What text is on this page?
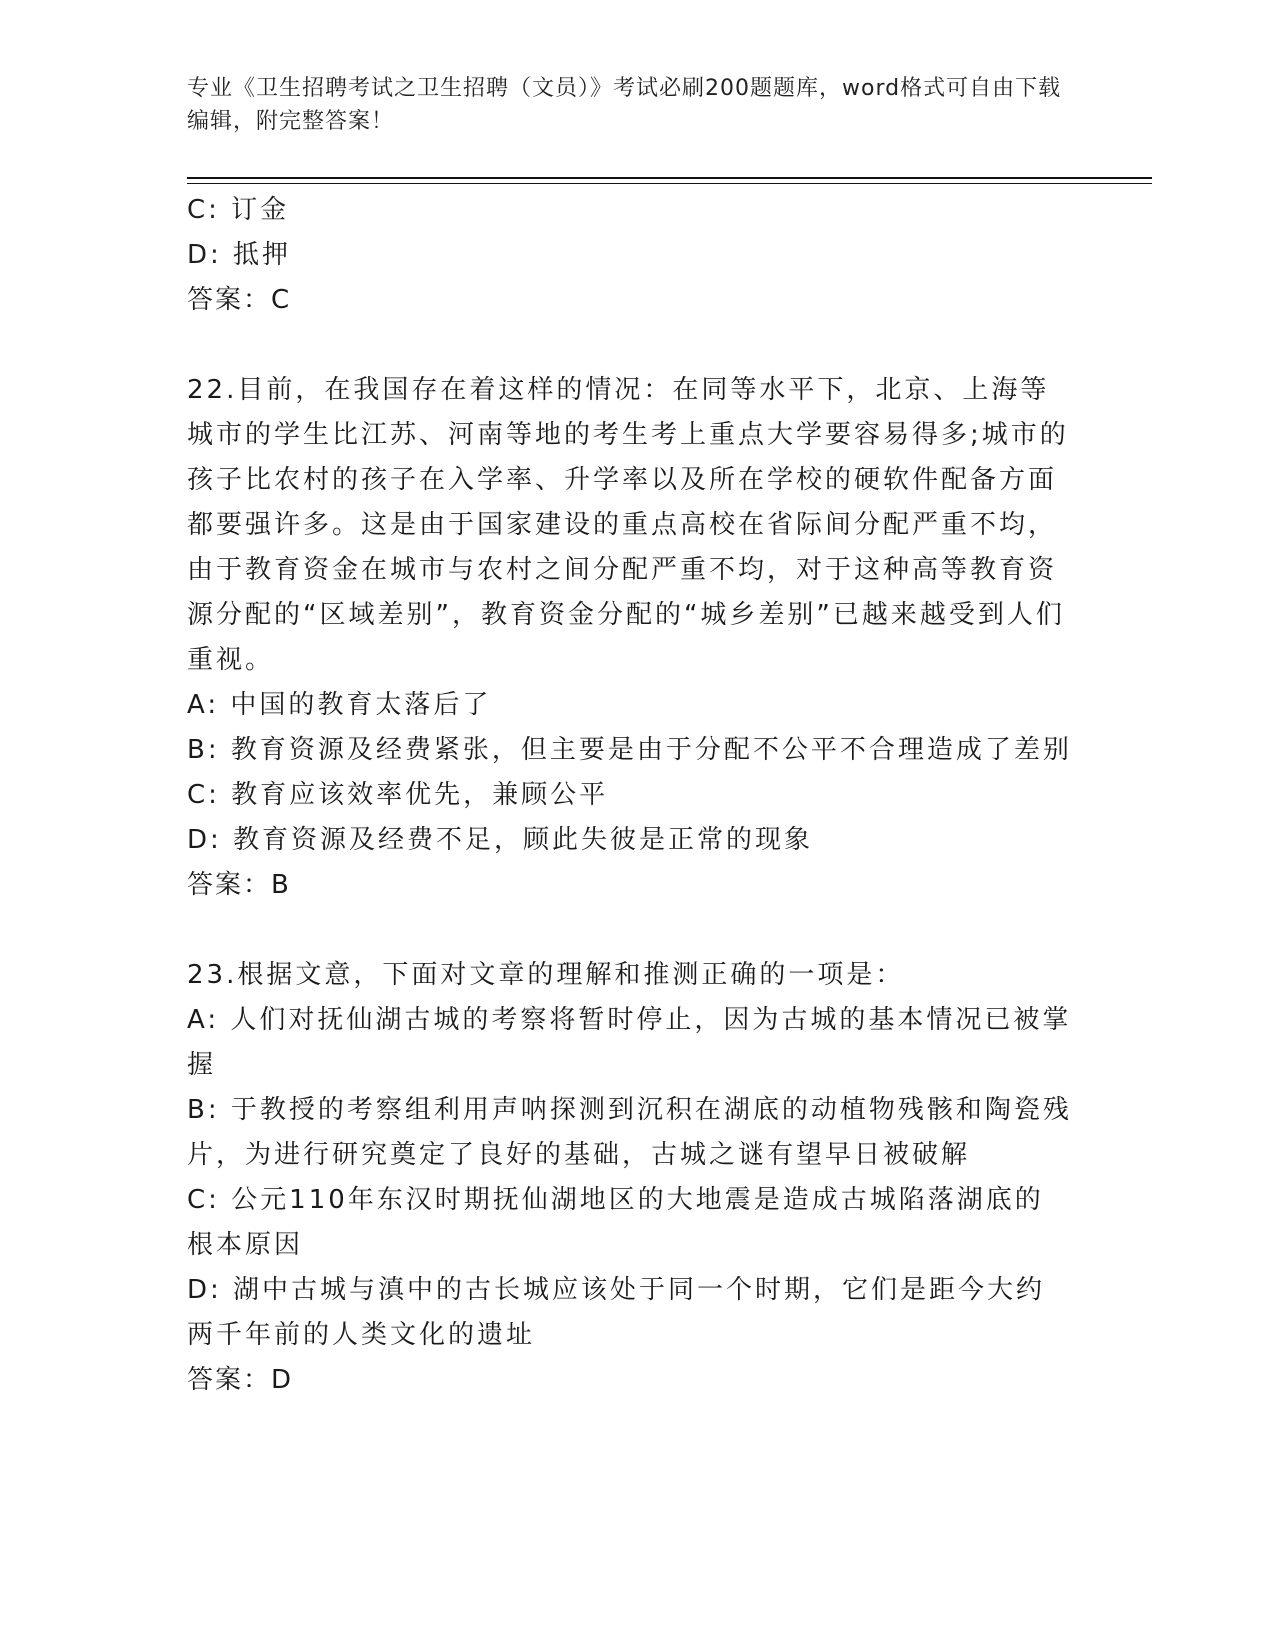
专业《卫生招聘考试之卫生招聘（文员）》考试必刷200题题库，word格式可自由下载编辑，附完整答案！
C: 订金
D: 抵押
答案：C
22.目前，在我国存在着这样的情况：在同等水平下，北京、上海等城市的学生比江苏、河南等地的考生考上重点大学要容易得多;城市的孩子比农村的孩子在入学率、升学率以及所在学校的硬软件配备方面都要强许多。这是由于国家建设的重点高校在省际间分配严重不均，由于教育资金在城市与农村之间分配严重不均，对于这种高等教育资源分配的“区域差别”，教育资金分配的“城乡差别”已越来越受到人们重视。
A: 中国的教育太落后了
B: 教育资源及经费紧张，但主要是由于分配不公平不合理造成了差别
C: 教育应该效率优先，兼顾公平
D: 教育资源及经费不足，顾此失彼是正常的现象
答案：B
23.根据文意，下面对文章的理解和推测正确的一项是：
A: 人们对抚仙湖古城的考察将暂时停止，因为古城的基本情况已被掌握
B: 于教授的考察组利用声呐探测到沉积在湖底的动植物残骸和陶瓷残片，为进行研究奠定了良好的基础，古城之谜有望早日被破解
C: 公元110年东汉时期抚仙湖地区的大地震是造成古城陷落湖底的根本原因
D: 湖中古城与滇中的古长城应该处于同一个时期，它们是距今大约两千年前的人类文化的遗址
答案：D
